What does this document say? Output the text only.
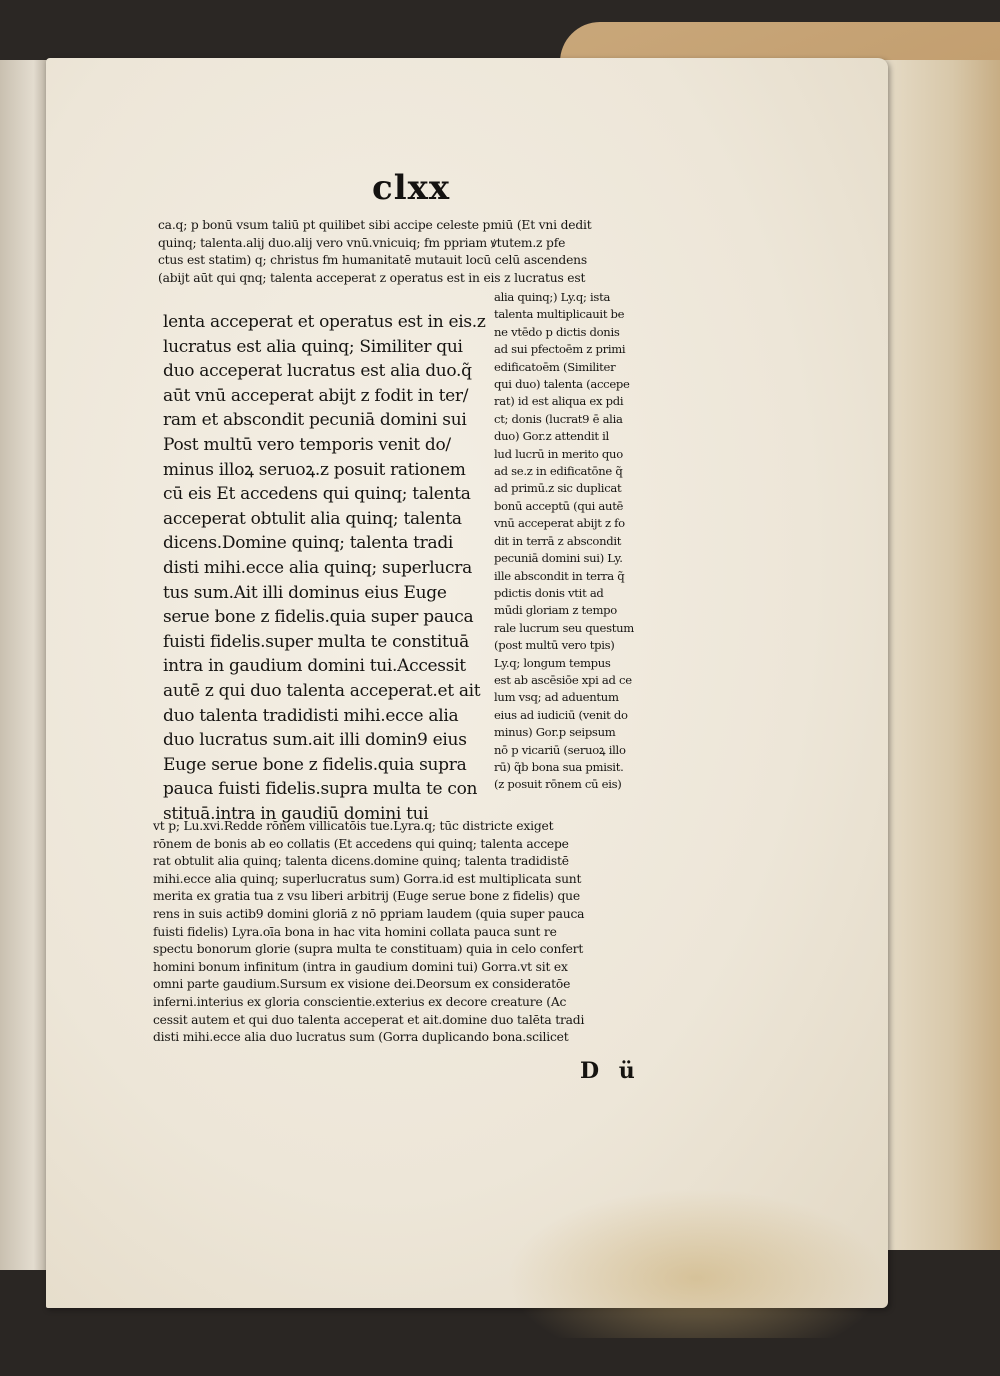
clxx
ca.q; p bonū vsum taliū pt quilibet sibi accipe celeste pmiū (Et vni dedit
quinq; talenta.alij duo.alij vero vnū.vnicuiq; fm ppriam ꝟtutem.z pfe
ctus est statim) q; christus fm humanitatē mutauit locū celū ascendens
(abijt aūt qui qnq; talenta acceperat z operatus est in eis z lucratus est
lenta acceperat et operatus est in eis.z
lucratus est alia quinq; Similiter qui
duo acceperat lucratus est alia duo.q̃
aūt vnū acceperat abijt z fodit in ter/
ram et abscondit pecuniā domini sui
Post multū vero temporis venit do/
minus illoꝝ seruoꝝ.z posuit rationem
cū eis Et accedens qui quinq; talenta
acceperat obtulit alia quinq; talenta
dicens.Domine quinq; talenta tradi
disti mihi.ecce alia quinq; superlucra
tus sum.Ait illi dominus eius Euge
serue bone z fidelis.quia super pauca
fuisti fidelis.super multa te constituā
intra in gaudium domini tui.Accessit
autē z qui duo talenta acceperat.et ait
duo talenta tradidisti mihi.ecce alia
duo lucratus sum.ait illi domin9 eius
Euge serue bone z fidelis.quia supra
pauca fuisti fidelis.supra multa te con
stituā.intra in gaudiū domini tui
alia quinq;) Ly.q; ista
talenta multiplicauit be
ne vtēdo p dictis donis
ad sui pfectoēm z primi
edificatoēm (Similiter
qui duo) talenta (accepe
rat) id est aliqua ex pdi
ct; donis (lucrat9 ē alia
duo) Gor.z attendit il
lud lucrū in merito quo
ad se.z in edificatōne q̃
ad primū.z sic duplicat
bonū acceptū (qui autē
vnū acceperat abijt z fo
dit in terrā z abscondit
pecuniā domini sui) Ly.
ille abscondit in terra q̃
pdictis donis vtit ad
mūdi gloriam z tempo
rale lucrum seu questum
(post multū vero tpis)
Ly.q; longum tempus
est ab ascēsiōe xpi ad ce
lum vsq; ad aduentum
eius ad iudiciū (venit do
minus) Gor.p seipsum
nō p vicariū (seruoꝝ illo
rū) q̃b bona sua pmisit.
(z posuit rōnem cū eis)
vt p; Lu.xvi.Redde rōnem villicatōis tue.Lyra.q; tūc districte exiget
rōnem de bonis ab eo collatis (Et accedens qui quinq; talenta accepe
rat obtulit alia quinq; talenta dicens.domine quinq; talenta tradidistē
mihi.ecce alia quinq; superlucratus sum) Gorra.id est multiplicata sunt
merita ex gratia tua z vsu liberi arbitrij (Euge serue bone z fidelis) que
rens in suis actib9 domini gloriā z nō ppriam laudem (quia super pauca
fuisti fidelis) Lyra.oīa bona in hac vita homini collata pauca sunt re
spectu bonorum glorie (supra multa te constituam) quia in celo confert
homini bonum infinitum (intra in gaudium domini tui) Gorra.vt sit ex
omni parte gaudium.Sursum ex visione dei.Deorsum ex consideratōe
inferni.interius ex gloria conscientie.exterius ex decore creature (Ac
cessit autem et qui duo talenta acceperat et ait.domine duo talēta tradi
disti mihi.ecce alia duo lucratus sum (Gorra duplicando bona.scilicet
D ü
